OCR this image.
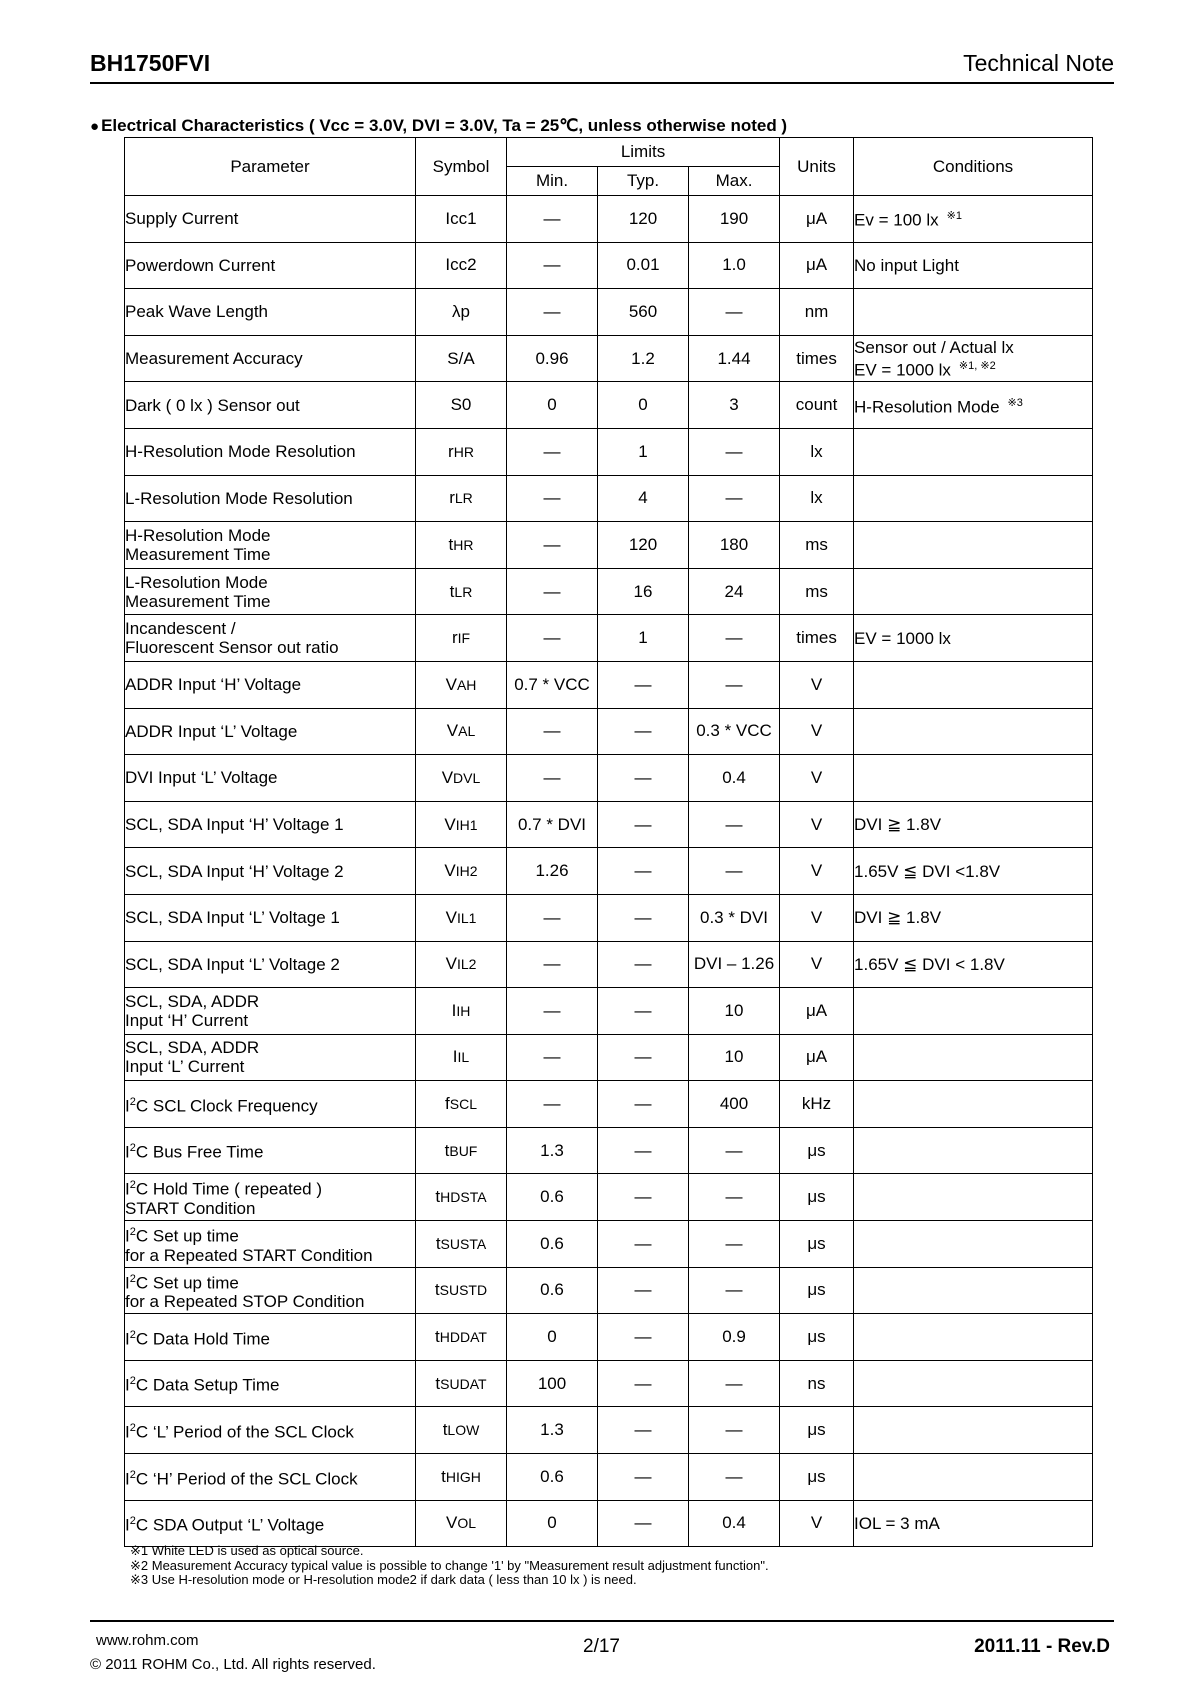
BH1750FVI	Technical Note
● Electrical Characteristics ( Vcc = 3.0V, DVI = 3.0V, Ta = 25℃, unless otherwise noted )
Parameter	Symbol	Limits			Units	Conditions
		Min.	Typ.	Max.		

Supply Current	Icc1	—	120	190	μA	Ev = 100 lx $^{※1}$

Powerdown Current	Icc2	—	0.01	1.0	μA	No input Light

Peak Wave Length	λp	—	560	—	nm	

Measurement Accuracy	S/A	0.96	1.2	1.44	times	Sensor out / Actual lx
EV = 1000 lx $^{※1, ※2}$

Dark ( 0 lx ) Sensor out	S0	0	0	3	count	H-Resolution Mode $^{※3}$

H-Resolution Mode Resolution	rHR	—	1	—	lx	

L-Resolution Mode Resolution	rLR	—	4	—	lx	

H-Resolution Mode
Measurement Time	tHR	—	120	180	ms	

L-Resolution Mode
Measurement Time	tLR	—	16	24	ms	

Incandescent /
Fluorescent Sensor out ratio	rIF	—	1	—	times	EV = 1000 lx

ADDR Input ‘H’ Voltage	VAH	0.7 * VCC	—	—	V	

ADDR Input ‘L’ Voltage	VAL	—	—	0.3 * VCC	V	

DVI Input ‘L’ Voltage	VDVL	—	—	0.4	V	

SCL, SDA Input ‘H’ Voltage 1	VIH1	0.7 * DVI	—	—	V	DVI ≧ 1.8V

SCL, SDA Input ‘H’ Voltage 2	VIH2	1.26	—	—	V	1.65V ≦ DVI <1.8V

SCL, SDA Input ‘L’ Voltage 1	VIL1	—	—	0.3 * DVI	V	DVI ≧ 1.8V

SCL, SDA Input ‘L’ Voltage 2	VIL2	—	—	DVI – 1.26	V	1.65V ≦ DVI < 1.8V

SCL, SDA, ADDR
Input ‘H’ Current	IIH	—	—	10	μA	

SCL, SDA, ADDR
Input ‘L’ Current	IIL	—	—	10	μA	

$I^2C$ SCL Clock Frequency	fSCL	—	—	400	kHz	

$I^2C$ Bus Free Time	tBUF	1.3	—	—	μs	

$I^2C$ Hold Time ( repeated )
START Condition	tHDSTA	0.6	—	—	μs	

$I^2C$ Set up time
for a Repeated START Condition	tSUSTA	0.6	—	—	μs	

$I^2C$ Set up time
for a Repeated STOP Condition	tSUSTD	0.6	—	—	μs	

$I^2C$ Data Hold Time	tHDDAT	0	—	0.9	μs	

$I^2C$ Data Setup Time	tSUDAT	100	—	—	ns	

$I^2C$ ‘L’ Period of the SCL Clock	tLOW	1.3	—	—	μs	

$I^2C$ ‘H’ Period of the SCL Clock	tHIGH	0.6	—	—	μs	

$I^2C$ SDA Output ‘L’ Voltage	VOL	0	—	0.4	V	IOL = 3 mA
※1 White LED is used as optical source.
※2 Measurement Accuracy typical value is possible to change '1' by "Measurement result adjustment function".
※3 Use H-resolution mode or H-resolution mode2 if dark data ( less than 10 lx ) is need.
www.rohm.com
© 2011 ROHM Co., Ltd. All rights reserved.
2/17	2011.11 - Rev.D
